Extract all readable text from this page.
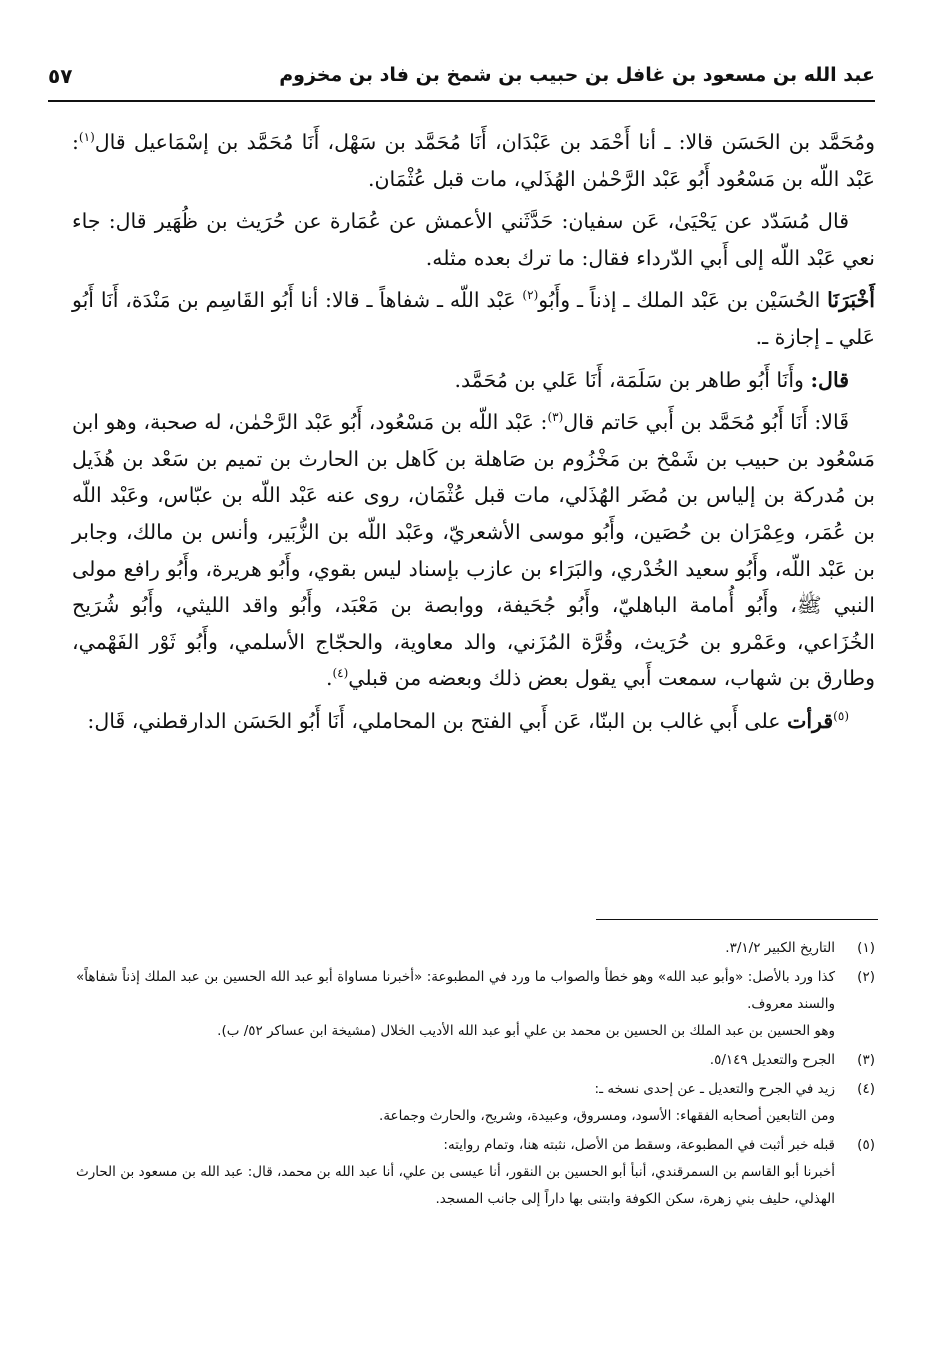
عبد الله بن مسعود بن غافل بن حبيب بن شمخ بن فاد بن مخزوم
٥٧

ومُحَمَّد بن الحَسَن قالا: ـ أنا أَحْمَد بن عَبْدَان، أَنَا مُحَمَّد بن سَهْل، أَنَا مُحَمَّد بن إسْمَاعيل قال$^{(١)}$: عَبْد اللّه بن مَسْعُود أَبُو عَبْد الرَّحْمٰن الهُذَلي، مات قبل عُثْمَان.

قال مُسَدّد عن يَحْيَىٰ، عَن سفيان: حَدَّثَني الأعمش عن عُمَارة عن حُرَيث بن ظُهَير قال: جاء نعي عَبْد اللّه إلى أَبي الدّرداء فقال: ما ترك بعده مثله.

أَخْبَرَنَا الحُسَيْن بن عَبْد الملك ـ إذناً ـ وأَبُو$^{(٢)}$ عَبْد اللّه ـ شفاهاً ـ قالا: أنا أَبُو القَاسِم بن مَنْدَة، أَنَا أَبُو عَلي ـ إجازة ـ.

قال: وأَنَا أَبُو طاهر بن سَلَمَة، أَنَا عَلي بن مُحَمَّد.

قَالا: أَنَا أَبُو مُحَمَّد بن أَبي حَاتم قال$^{(٣)}$: عَبْد اللّه بن مَسْعُود، أَبُو عَبْد الرَّحْمٰن، له صحبة، وهو ابن مَسْعُود بن حبيب بن شَمْخ بن مَخْزُوم بن صَاهلة بن كَاهل بن الحارث بن تميم بن سَعْد بن هُذَيل بن مُدركة بن إلياس بن مُضَر الهُذَلي، مات قبل عُثْمَان، روى عنه عَبْد اللّه بن عبّاس، وعَبْد اللّه بن عُمَر، وعِمْرَان بن حُصَين، وأَبُو موسى الأشعريّ، وعَبْد اللّه بن الزُّبَير، وأنس بن مالك، وجابر بن عَبْد اللّه، وأَبُو سعيد الخُدْري، والبَرَاء بن عازب بإسناد ليس بقوي، وأَبُو هريرة، وأَبُو رافع مولى النبي ﷺ، وأَبُو أُمامة الباهليّ، وأَبُو جُحَيفة، ووابصة بن مَعْبَد، وأَبُو واقد الليثي، وأَبُو شُرَيح الخُزَاعي، وعَمْرو بن حُرَيث، وقُرَّة المُزَني، والد معاوية، والحجّاج الأسلمي، وأَبُو ثَوْر الفَهْمي، وطارق بن شهاب، سمعت أَبي يقول بعض ذلك وبعضه من قبلي$^{(٤)}$.

$^{(٥)}$قرأت على أَبي غالب بن البنّا، عَن أَبي الفتح بن المحاملي، أَنَا أَبُو الحَسَن الدارقطني، قَال:

(١)
التاريخ الكبير ٣/١/٢.
(٢)
كذا ورد بالأصل: «وأبو عبد الله» وهو خطأ والصواب ما ورد في المطبوعة: «أخبرنا مساواة أبو عبد الله الحسين بن عبد الملك إذناً شفاهاً» والسند معروف.
وهو الحسين بن عبد الملك بن الحسين بن محمد بن علي أبو عبد الله الأديب الخلال (مشيخة ابن عساكر ٥٢/ ب).
(٣)
الجرح والتعديل ٥/١٤٩.
(٤)
زيد في الجرح والتعديل ـ عن إحدى نسخه ـ:
ومن التابعين أصحابه الفقهاء: الأسود، ومسروق، وعبيدة، وشريح، والحارث وجماعة.
(٥)
قبله خبر أثبت في المطبوعة، وسقط من الأصل، نثبته هنا، وتمام روايته:
أخبرنا أبو القاسم بن السمرقندي، أنبأ أبو الحسين بن النقور، أنا عيسى بن علي، أنا عبد الله بن محمد، قال: عبد الله بن مسعود بن الحارث الهذلي، حليف بني زهرة، سكن الكوفة وابتنى بها داراً إلى جانب المسجد.
